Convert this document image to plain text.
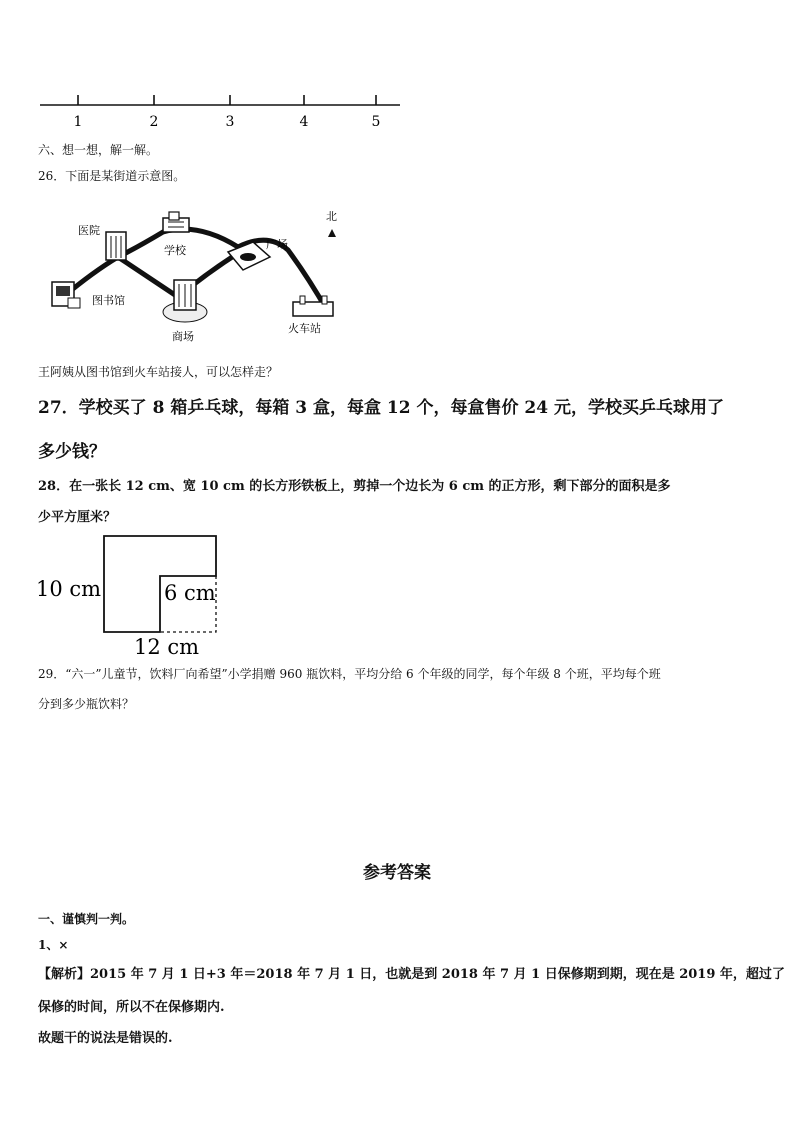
1	2	3	4	5
六、想一想，解一解。
26．下面是某街道示意图。
医院
学校	广场
图书馆
商场
火车站
北
王阿姨从图书馆到火车站接人，可以怎样走？
27．学校买了 8 箱乒乓球，每箱 3 盒，每盒 12 个，每盒售价 24 元，学校买乒乓球用了
多少钱？
28．在一张长 12 cm、宽 10 cm 的长方形铁板上，剪掉一个边长为 6 cm 的正方形，剩下部分的面积是多
少平方厘米？
10 cm	6 cm
12 cm
29．“六一”儿童节，饮料厂向希望”小学捐赠 960 瓶饮料，平均分给 6 个年级的同学，每个年级 8 个班，平均每个班
分到多少瓶饮料？
参考答案
一、谨慎判一判。
1、×
【解析】2015 年 7 月 1 日+3 年＝2018 年 7 月 1 日，也就是到 2018 年 7 月 1 日保修期到期，现在是 2019 年，超过了
保修的时间，所以不在保修期内.
故题干的说法是错误的.
